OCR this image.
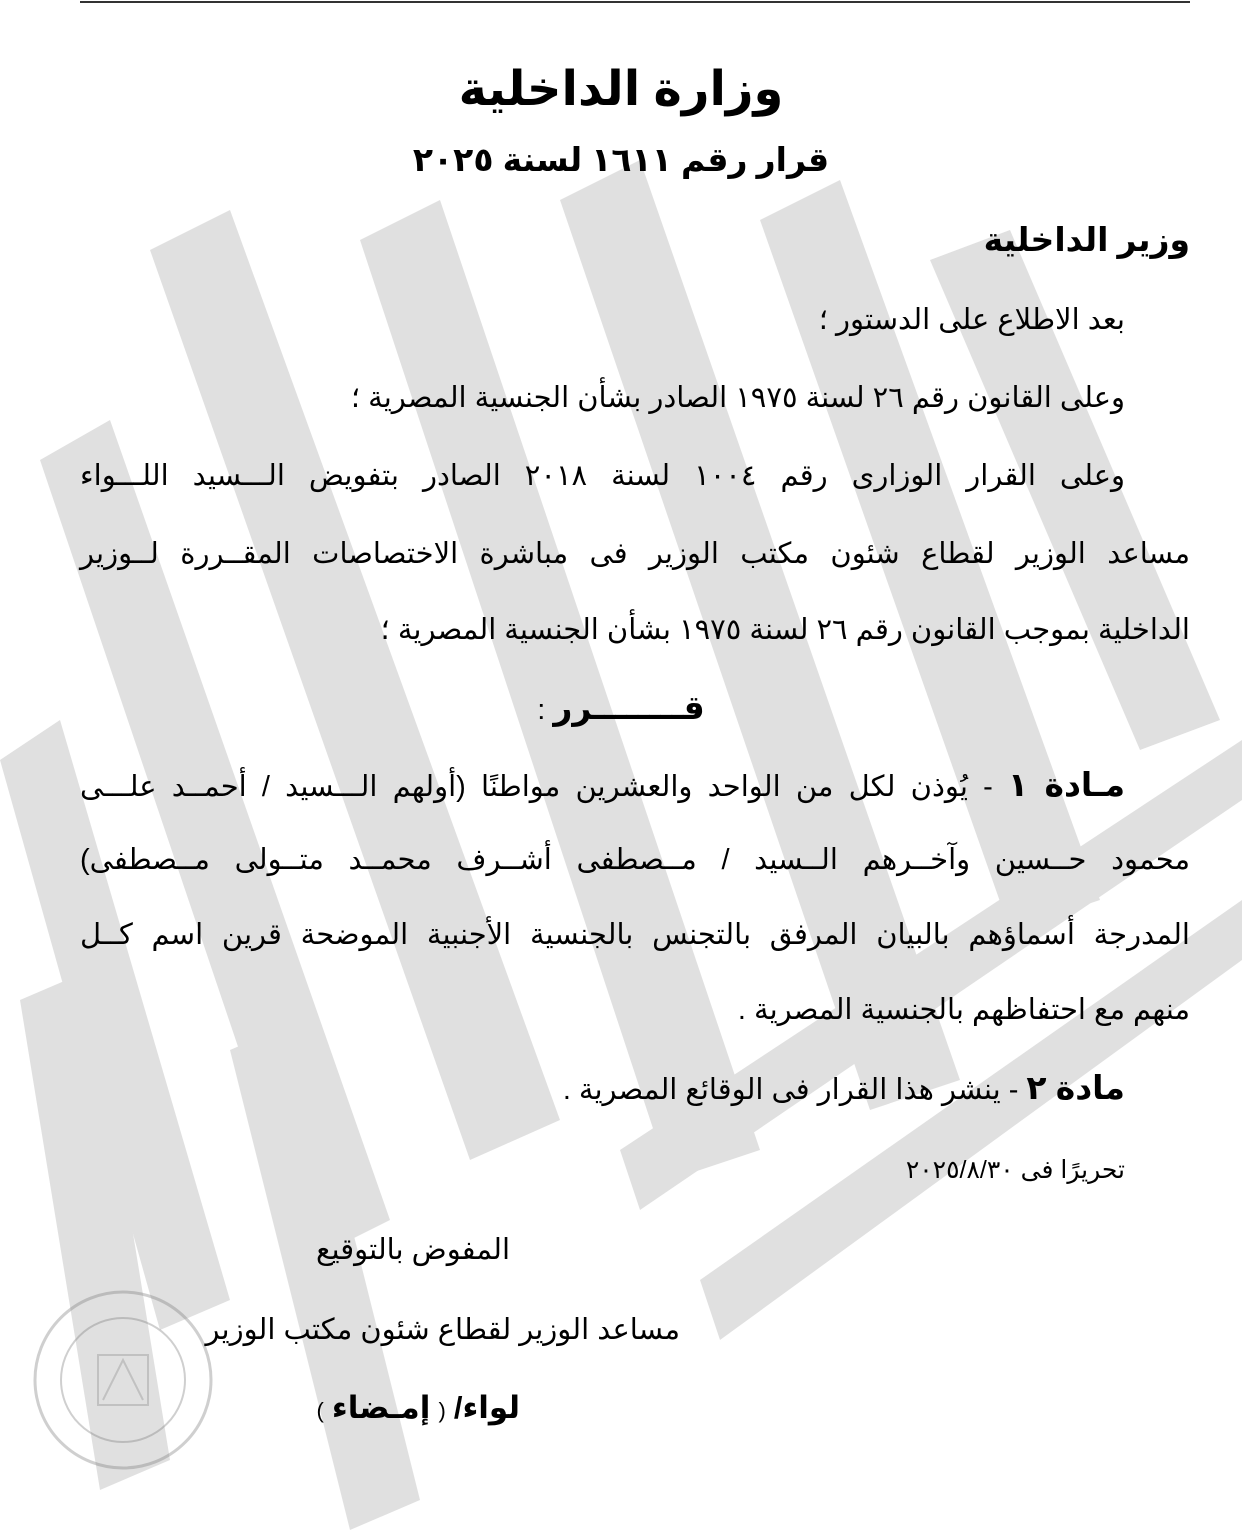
وزارة الداخلية
قرار رقم ١٦١١ لسنة ٢٠٢٥
وزير الداخلية
بعد الاطلاع على الدستور ؛
وعلى القانون رقم ٢٦ لسنة ١٩٧٥ الصادر بشأن الجنسية المصرية ؛
وعلى القرار الوزارى رقم ١٠٠٤ لسنة ٢٠١٨ الصادر بتفويض الـــسيد اللـــواء
مساعد الوزير لقطاع شئون مكتب الوزير فى مباشرة الاختصاصات المقــررة لــوزير
الداخلية بموجب القانون رقم ٢٦ لسنة ١٩٧٥ بشأن الجنسية المصرية ؛
قــــــــرر :
مـادة ١ - يُوذن لكل من الواحد والعشرين مواطنًا (أولهم الـــسيد / أحمــد علـــى
محمود حــسين وآخــرهم الــسيد / مــصطفى أشــرف محمــد متــولى مــصطفى)
المدرجة أسماؤهم بالبيان المرفق بالتجنس بالجنسية الأجنبية الموضحة قرين اسم كــل
منهم مع احتفاظهم بالجنسية المصرية .
مادة ٢ - ينشر هذا القرار فى الوقائع المصرية .
تحريرًا فى ٢٠٢٥/٨/٣٠
المفوض بالتوقيع
مساعد الوزير لقطاع شئون مكتب الوزير
لواء/ ( إمـضاء )
